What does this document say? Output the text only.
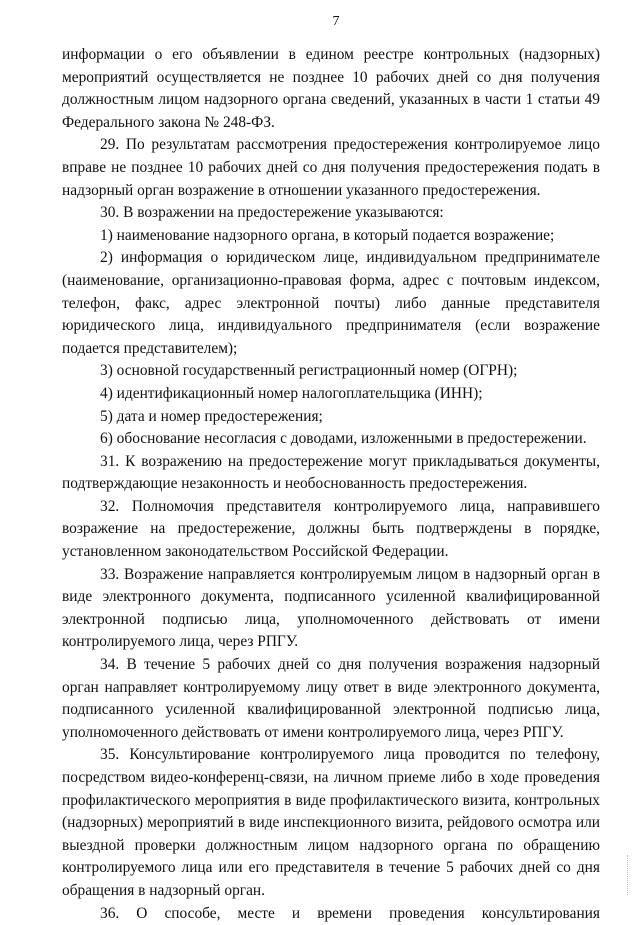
7

информации о его объявлении в едином реестре контрольных (надзорных) мероприятий осуществляется не позднее 10 рабочих дней со дня получения должностным лицом надзорного органа сведений, указанных в части 1 статьи 49 Федерального закона № 248-ФЗ.

29. По результатам рассмотрения предостережения контролируемое лицо вправе не позднее 10 рабочих дней со дня получения предостережения подать в надзорный орган возражение в отношении указанного предостережения.

30. В возражении на предостережение указываются:

1) наименование надзорного органа, в который подается возражение;

2) информация о юридическом лице, индивидуальном предпринимателе (наименование, организационно-правовая форма, адрес с почтовым индексом, телефон, факс, адрес электронной почты) либо данные представителя юридического лица, индивидуального предпринимателя (если возражение подается представителем);

3) основной государственный регистрационный номер (ОГРН);

4) идентификационный номер налогоплательщика (ИНН);

5) дата и номер предостережения;

6) обоснование несогласия с доводами, изложенными в предостережении.

31. К возражению на предостережение могут прикладываться документы, подтверждающие незаконность и необоснованность предостережения.

32. Полномочия представителя контролируемого лица, направившего возражение на предостережение, должны быть подтверждены в порядке, установленном законодательством Российской Федерации.

33. Возражение направляется контролируемым лицом в надзорный орган в виде электронного документа, подписанного усиленной квалифицированной электронной подписью лица, уполномоченного действовать от имени контролируемого лица, через РПГУ.

34. В течение 5 рабочих дней со дня получения возражения надзорный орган направляет контролируемому лицу ответ в виде электронного документа, подписанного усиленной квалифицированной электронной подписью лица, уполномоченного действовать от имени контролируемого лица, через РПГУ.

35. Консультирование контролируемого лица проводится по телефону, посредством видео-конференц-связи, на личном приеме либо в ходе проведения профилактического мероприятия в виде профилактического визита, контрольных (надзорных) мероприятий в виде инспекционного визита, рейдового осмотра или выездной проверки должностным лицом надзорного органа по обращению контролируемого лица или его представителя в течение 5 рабочих дней со дня обращения в надзорный орган.

36. О способе, месте и времени проведения консультирования
